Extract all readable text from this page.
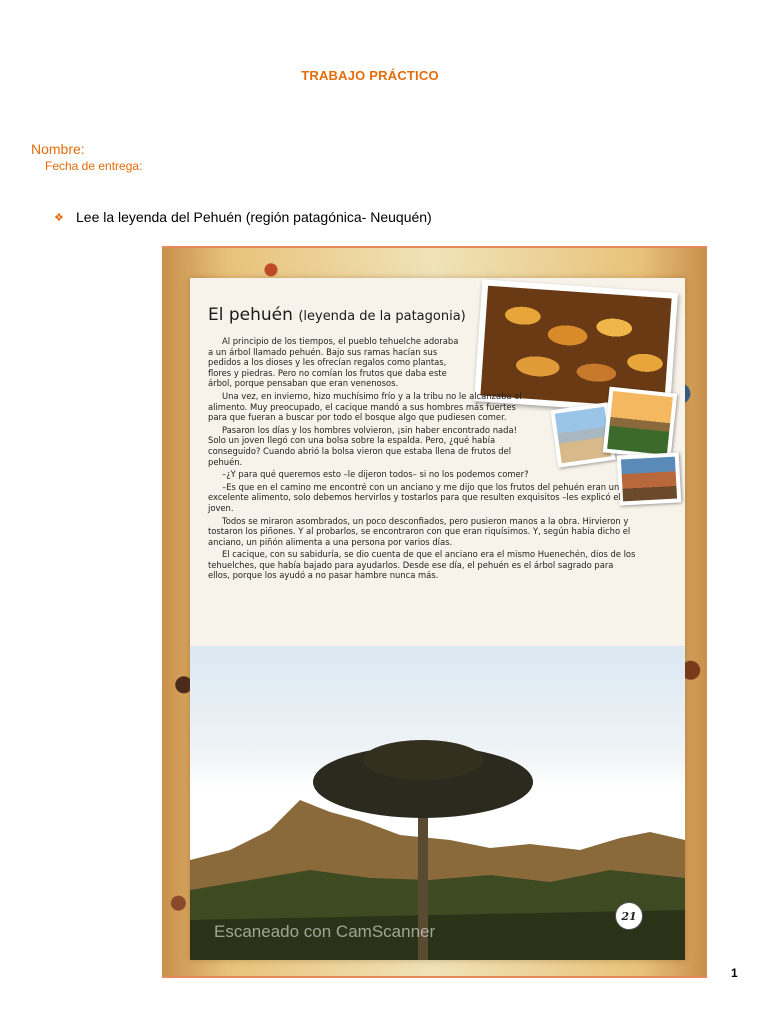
TRABAJO PRÁCTICO
Nombre:
Fecha de entrega:
❖ Lee la leyenda del Pehuén (región patagónica- Neuquén)
El pehuén (leyenda de la patagonia)

Al principio de los tiempos, el pueblo tehuelche adoraba a un árbol llamado pehuén. Bajo sus ramas hacían sus pedidos a los dioses y les ofrecían regalos como plantas, flores y piedras. Pero no comían los frutos que daba este árbol, porque pensaban que eran venenosos.

Una vez, en invierno, hizo muchísimo frío y a la tribu no le alcanzaba el alimento. Muy preocupado, el cacique mandó a sus hombres más fuertes para que fueran a buscar por todo el bosque algo que pudiesen comer.

Pasaron los días y los hombres volvieron, ¡sin haber encontrado nada! Solo un joven llegó con una bolsa sobre la espalda. Pero, ¿qué había conseguido? Cuando abrió la bolsa vieron que estaba llena de frutos del pehuén.

–¿Y para qué queremos esto –le dijeron todos– si no los podemos comer?

–Es que en el camino me encontré con un anciano y me dijo que los frutos del pehuén eran un excelente alimento, solo debemos hervirlos y tostarlos para que resulten exquisitos –les explicó el joven.

Todos se miraron asombrados, un poco desconfiados, pero pusieron manos a la obra. Hirvieron y tostaron los piñones. Y al probarlos, se encontraron con que eran riquísimos. Y, según había dicho el anciano, un piñón alimenta a una persona por varios días.

El cacique, con su sabiduría, se dio cuenta de que el anciano era el mismo Huenechén, dios de los tehuelches, que había bajado para ayudarlos. Desde ese día, el pehuén es el árbol sagrado para ellos, porque los ayudó a no pasar hambre nunca más.

Escaneado con CamScanner
21
1
